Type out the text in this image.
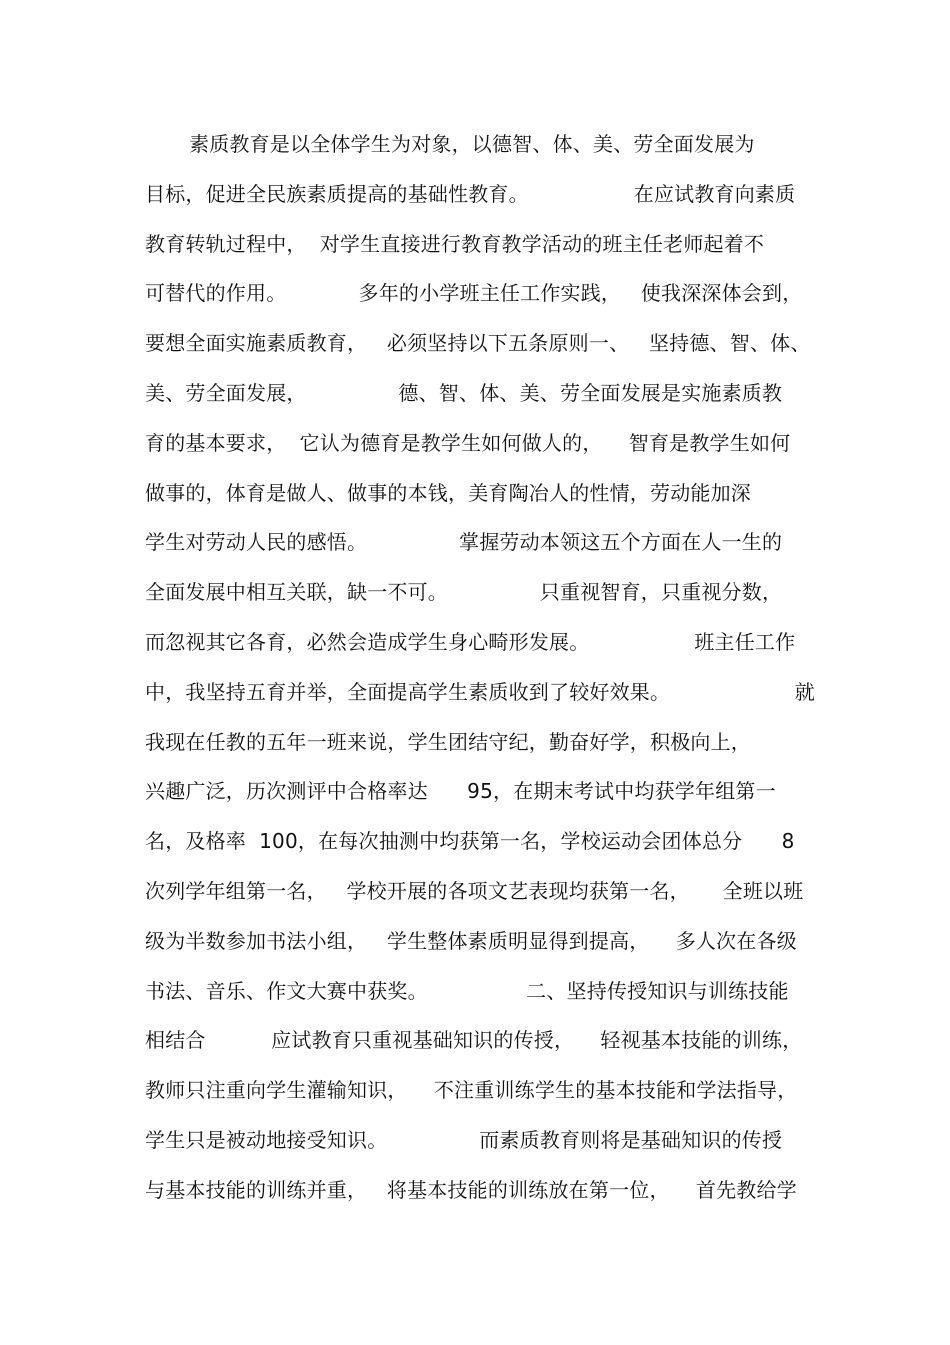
素质教育是以全体学生为对象，以德智、体、美、劳全面发展为
目标，促进全民族素质提高的基础性教育。                在应试教育向素质
教育转轨过程中，  对学生直接进行教育教学活动的班主任老师起着不
可替代的作用。           多年的小学班主任工作实践，   使我深深体会到，
要想全面实施素质教育，   必须坚持以下五条原则一、   坚持德、智、体、
美、劳全面发展，              德、智、体、美、劳全面发展是实施素质教
育的基本要求，  它认为德育是教学生如何做人的，    智育是教学生如何
做事的，体育是做人、做事的本钱，美育陶冶人的性情，劳动能加深
学生对劳动人民的感悟。              掌握劳动本领这五个方面在人一生的
全面发展中相互关联，缺一不可。              只重视智育，只重视分数，
而忽视其它各育，必然会造成学生身心畸形发展。                班主任工作
中，我坚持五育并举，全面提高学生素质收到了较好效果。                   就
我现在任教的五年一班来说，学生团结守纪，勤奋好学，积极向上，
兴趣广泛，历次测评中合格率达      95，在期末考试中均获学年组第一
名，及格率  100，在每次抽测中均获第一名，学校运动会团体总分      8
次列学年组第一名，   学校开展的各项文艺表现均获第一名，     全班以班
级为半数参加书法小组，   学生整体素质明显得到提高，    多人次在各级
书法、音乐、作文大赛中获奖。               二、坚持传授知识与训练技能
相结合          应试教育只重视基础知识的传授，    轻视基本技能的训练，
教师只注重向学生灌输知识，    不注重训练学生的基本技能和学法指导，
学生只是被动地接受知识。              而素质教育则将是基础知识的传授
与基本技能的训练并重，   将基本技能的训练放在第一位，    首先教给学
